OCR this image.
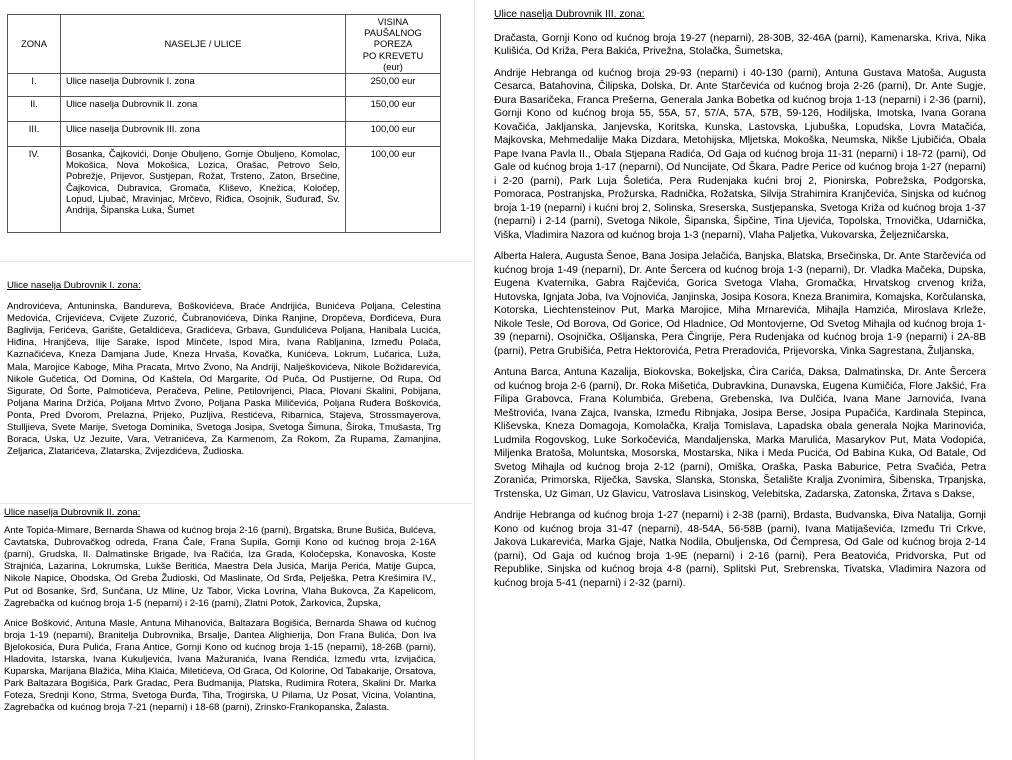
ZONA	NASELJE / ULICE	VISINA
PAUŠALNOG
POREZA
PO KREVETU
(eur)

I.	Ulice naselja Dubrovnik I. zona	250,00 eur
II.	Ulice naselja Dubrovnik II. zona	150,00 eur
III.	Ulice naselja Dubrovnik III. zona	100,00 eur
IV.	Bosanka, Čajkovići, Donje Obuljeno, Gornje Obuljeno, Komolac, Mokošica, Nova Mokošica, Lozica, Orašac, Petrovo Selo, Pobrežje, Prijevor, Sustjepan, Rožat, Trsteno, Zaton, Brsečine, Čajkovica, Dubravica, Gromača, Kliševo, Knežica, Koločep, Lopud, Ljubač, Mravinjac, Mrčevo, Riđica, Osojnik, Suđurađ, Sv. Andrija, Šipanska Luka, Šumet	100,00 eur
Ulice naselja Dubrovnik I. zona:

Androvićeva, Antuninska, Bandureva, Boškovićeva, Braće Andrijića, Bunićeva Poljana, Celestina Medovića, Crijevićeva, Cvijete Zuzorić, Čubranovićeva, Dinka Ranjine, Dropčeva, Đorđićeva, Đura Baglivija, Ferićeva, Garište, Getaldićeva, Gradićeva, Grbava, Gundulićeva Poljana, Hanibala Lucića, Hiđina, Hranjčeva, Ilije Sarake, Ispod Minčete, Ispod Mira, Ivana Rabljanina, Između Polača, Kaznačićeva, Kneza Damjana Jude, Kneza Hrvaša, Kovačka, Kunićeva, Lokrum, Lučarica, Luža, Mala, Marojice Kaboge, Miha Pracata, Mrtvo Zvono, Na Andriji, Nalješkovićeva, Nikole Božidarevića, Nikole Gučetića, Od Domina, Od Kaštela, Od Margarite, Od Puča, Od Pustijerne, Od Rupa, Od Sigurate, Od Šorte, Palmotićeva, Peračeva, Peline, Petilovrijenci, Placa, Plovani Skalini, Pobijana, Poljana Marina Držića, Poljana Mrtvo Zvono, Poljana Paska Miličevića, Poljana Ruđera Boškovića, Ponta, Pred Dvorom, Prelazna, Prijeko, Puzljiva, Restićeva, Ribarnica, Stajeva, Strossmayerova, Stulljieva, Svete Marije, Svetoga Dominika, Svetoga Josipa, Svetoga Šimuna, Široka, Tmušasta, Trg Boraca, Uska, Uz Jezuite, Vara, Vetranićeva, Za Karmenom, Za Rokom, Za Rupama, Zamanjina, Zeljarica, Zlatarićeva, Zlatarska, Zvijezdićeva, Žudioska.

Ulice naselja Dubrovnik II. zona:

Ante Topića-Mimare, Bernarda Shawa od kućnog broja 2-16 (parni), Brgatska, Brune Bušića, Bulćeva, Cavtatska, Dubrovačkog odreda, Frana Čale, Frana Supila, Gornji Kono od kućnog broja 2-16A (parni), Grudska, II. Dalmatinske Brigade, Iva Račića, Iza Grada, Koločepska, Konavoska, Koste Strajnića, Lazarina, Lokrumska, Lukše Beritića, Maestra Dela Jusića, Marija Perića, Matije Gupca, Nikole Napice, Obodska, Od Greba Žudioski, Od Maslinate, Od Srđa, Pelješka, Petra Krešimira IV., Put od Bosanke, Srđ, Sunčana, Uz Mline, Uz Tabor, Vicka Lovrina, Vlaha Bukovca, Za Kapelicom, Zagrebačka od kućnog broja 1-5 (neparni) i 2-16 (parni), Zlatni Potok, Žarkovica, Župska,

Anice Bošković, Antuna Masle, Antuna Mihanovića, Baltazara Bogišića, Bernarda Shawa od kućnog broja 1-19 (neparni), Branitelja Dubrovnika, Brsalje, Dantea Alighierija, Don Frana Bulića, Don Iva Bjelokosića, Đura Pulića, Frana Antice, Gornji Kono od kućnog broja 1-15 (neparni), 18-26B (parni), Hladovita, Istarska, Ivana Kukuljevića, Ivana Mažuranića, Ivana Rendića, Između vrta, Izvijačica, Kuparska, Marijana Blažića, Miha Klaića, Miletićeva, Od Graca, Od Kolorine, Od Tabakarije, Orsatova, Park Baltazara Bogišića, Park Gradac, Pera Budmanija, Platska, Rudimira Rotera, Skalini Dr. Marka Foteza, Srednji Kono, Strma, Svetoga Đurđa, Tiha, Trogirska, U Pilama, Uz Posat, Vicina, Volantina, Zagrebačka od kućnog broja 7-21 (neparni) i 18-68 (parni), Zrinsko-Frankopanska, Žalasta.

Ulice naselja Dubrovnik III. zona:

Dračasta, Gornji Kono od kućnog broja 19-27 (neparni), 28-30B, 32-46A (parni), Kamenarska, Kriva, Nika Kulišića, Od Križa, Pera Bakića, Privežna, Stolačka, Šumetska,

Andrije Hebranga od kućnog broja 29-93 (neparni) i 40-130 (parni), Antuna Gustava Matoša, Augusta Cesarca, Batahovina, Čilipska, Dolska, Dr. Ante Starčevića od kućnog broja 2-26 (parni), Dr. Ante Sugje, Đura Basaričeka, Franca Prešerna, Generala Janka Bobetka od kućnog broja 1-13 (neparni) i 2-36 (parni), Gornji Kono od kućnog broja 55, 55A, 57, 57/A, 57A, 57B, 59-126, Hodiljska, Imotska, Ivana Gorana Kovačića, Jakljanska, Janjevska, Koritska, Kunska, Lastovska, Ljubuška, Lopudska, Lovra Matačića, Majkovska, Mehmedalije Maka Dizdara, Metohijska, Mljetska, Mokoška, Neumska, Nikše Ljubičića, Obala Pape Ivana Pavla II., Obala Stjepana Radića, Od Gaja od kućnog broja 11-31 (neparni) i 18-72 (parni), Od Gale od kućnog broja 1-17 (neparni), Od Nuncijate, Od Škara, Padre Perice od kućnog broja 1-27 (neparni) i 2-20 (parni), Park Luja Šoletića, Pera Rudenjaka kućni broj 2, Pionirska, Pobrežska, Podgorska, Pomoraca, Postranjska, Prožurska, Radnička, Rožatska, Silvija Strahimira Kranjčevića, Sinjska od kućnog broja 1-19 (neparni) i kućni broj 2, Solinska, Sreserska, Sustjepanska, Svetoga Križa od kućnog broja 1-37 (neparni) i 2-14 (parni), Svetoga Nikole, Šipanska, Šipčine, Tina Ujevića, Topolska, Trnovička, Udarnička, Viška, Vladimira Nazora od kućnog broja 1-3 (neparni), Vlaha Paljetka, Vukovarska, Željezničarska,

Alberta Halera, Augusta Šenoe, Bana Josipa Jelačića, Banjska, Blatska, Brsečinska, Dr. Ante Starčevića od kućnog broja 1-49 (neparni), Dr. Ante Šercera od kućnog broja 1-3 (neparni), Dr. Vladka Mačeka, Dupska, Eugena Kvaternika, Gabra Rajčevića, Gorica Svetoga Vlaha, Gromačka, Hrvatskog crvenog križa, Hutovska, Ignjata Joba, Iva Vojnovića, Janjinska, Josipa Kosora, Kneza Branimira, Komajska, Korčulanska, Kotorska, Liechtensteinov Put, Marka Marojice, Miha Mrnarevića, Mihajla Hamzića, Miroslava Krleže, Nikole Tesle, Od Borova, Od Gorice, Od Hladnice, Od Montovjerne, Od Svetog Mihajla od kućnog broja 1-39 (neparni), Osojnička, Ošljanska, Pera Čingrije, Pera Rudenjaka od kućnog broja 1-9 (neparni) i 2A-8B (parni), Petra Grubišića, Petra Hektorovića, Petra Preradovića, Prijevorska, Vinka Sagrestana, Žuljanska,

Antuna Barca, Antuna Kazalija, Biokovska, Bokeljska, Ćira Carića, Daksa, Dalmatinska, Dr. Ante Šercera od kućnog broja 2-6 (parni), Dr. Roka Mišetića, Dubravkina, Dunavska, Eugena Kumičića, Flore Jakšić, Fra Filipa Grabovca, Frana Kolumbića, Grebena, Grebenska, Iva Dulčića, Ivana Mane Jarnovića, Ivana Meštrovića, Ivana Zajca, Ivanska, Između Ribnjaka, Josipa Berse, Josipa Pupačića, Kardinala Stepinca, Kliševska, Kneza Domagoja, Komolačka, Kralja Tomislava, Lapadska obala generala Nojka Marinovića, Ludmila Rogovskog, Luke Sorkočevića, Mandaljenska, Marka Marulića, Masarykov Put, Mata Vodopića, Miljenka Bratoša, Moluntska, Mosorska, Mostarska, Nika i Meda Pucića, Od Babina Kuka, Od Batale, Od Svetog Mihajla od kućnog broja 2-12 (parni), Omiška, Oraška, Paska Baburice, Petra Svačića, Petra Zoranića, Primorska, Riječka, Savska, Slanska, Stonska, Šetalište Kralja Zvonimira, Šibenska, Trpanjska, Trstenska, Uz Giman, Uz Glavicu, Vatroslava Lisinskog, Velebitska, Zadarska, Zatonska, Žrtava s Dakse,

Andrije Hebranga od kućnog broja 1-27 (neparni) i 2-38 (parni), Brdasta, Budvanska, Điva Natalija, Gornji Kono od kućnog broja 31-47 (neparni), 48-54A, 56-58B (parni), Ivana Matijaševića, Između Tri Crkve, Jakova Lukarevića, Marka Gjaje, Natka Nodila, Obuljenska, Od Čempresa, Od Gale od kućnog broja 2-14 (parni), Od Gaja od kućnog broja 1-9E (neparni) i 2-16 (parni), Pera Beatovića, Pridvorska, Put od Republike, Sinjska od kućnog broja 4-8 (parni), Splitski Put, Srebrenska, Tivatska, Vladimira Nazora od kućnog broja 5-41 (neparni) i 2-32 (parni).
